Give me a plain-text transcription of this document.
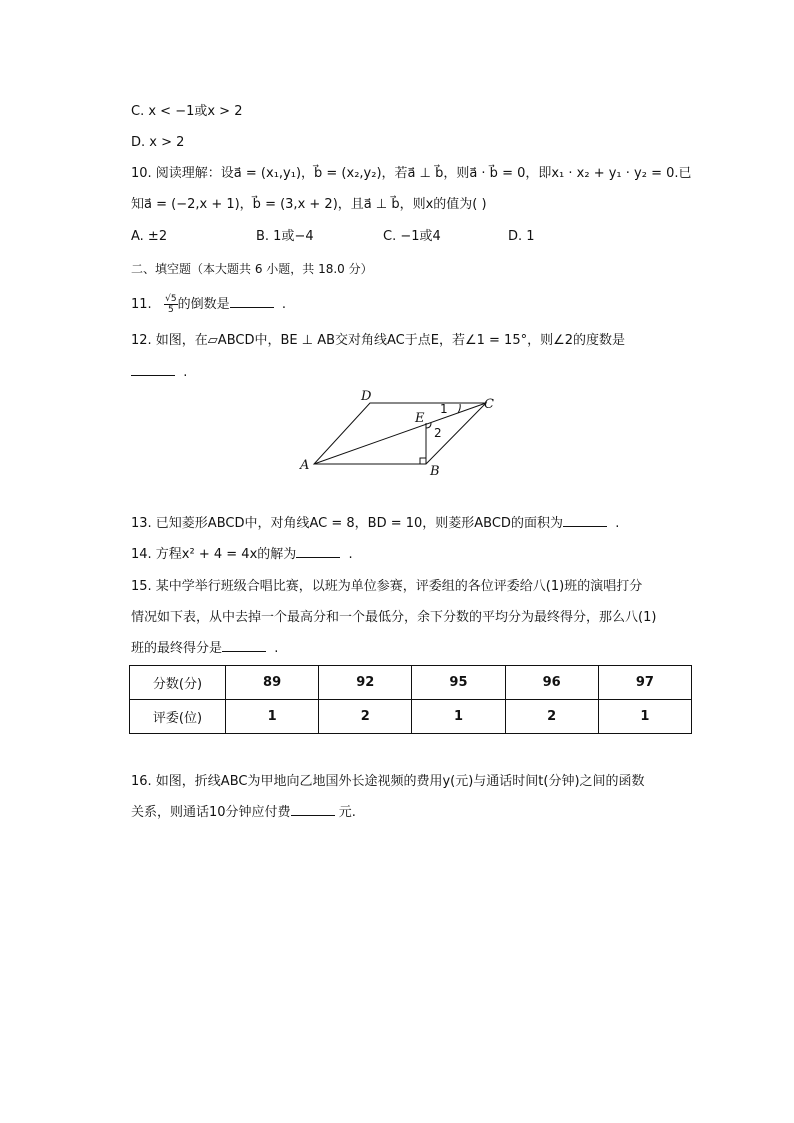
C. x < −1或x > 2
D. x > 2
10. 阅读理解：设a⃗ = (x₁,y₁)，b⃗ = (x₂,y₂)，若a⃗ ⊥ b⃗，则a⃗ · b⃗ = 0，即x₁ · x₂ + y₁ · y₂ = 0.已
知a⃗ = (−2,x + 1)，b⃗ = (3,x + 2)，且a⃗ ⊥ b⃗，则x的值为( )
A. ±2	B. 1或−4	C. −1或4	D. 1
二、填空题（本大题共 6 小题，共 18.0 分）
11. $\frac{√5}{5}$ 的倒数是	.
12. 如图，在▱ABCD中，BE ⊥ AB交对角线AC于点E，若∠1 = 15°，则∠2的度数是
.
A	B
C
D
E
1
2
13. 已知菱形ABCD中，对角线AC = 8，BD = 10，则菱形ABCD的面积为	.
14. 方程x² + 4 = 4x的解为	.
15. 某中学举行班级合唱比赛，以班为单位参赛，评委组的各位评委给八(1)班的演唱打分
情况如下表，从中去掉一个最高分和一个最低分，余下分数的平均分为最终得分，那么八(1)
班的最终得分是	.
分数(分)	89	92	95	96	97
评委(位)	1	2	1	2	1
16. 如图，折线ABC为甲地向乙地国外长途视频的费用y(元)与通话时间t(分钟)之间的函数
关系，则通话10分钟应付费	元.
